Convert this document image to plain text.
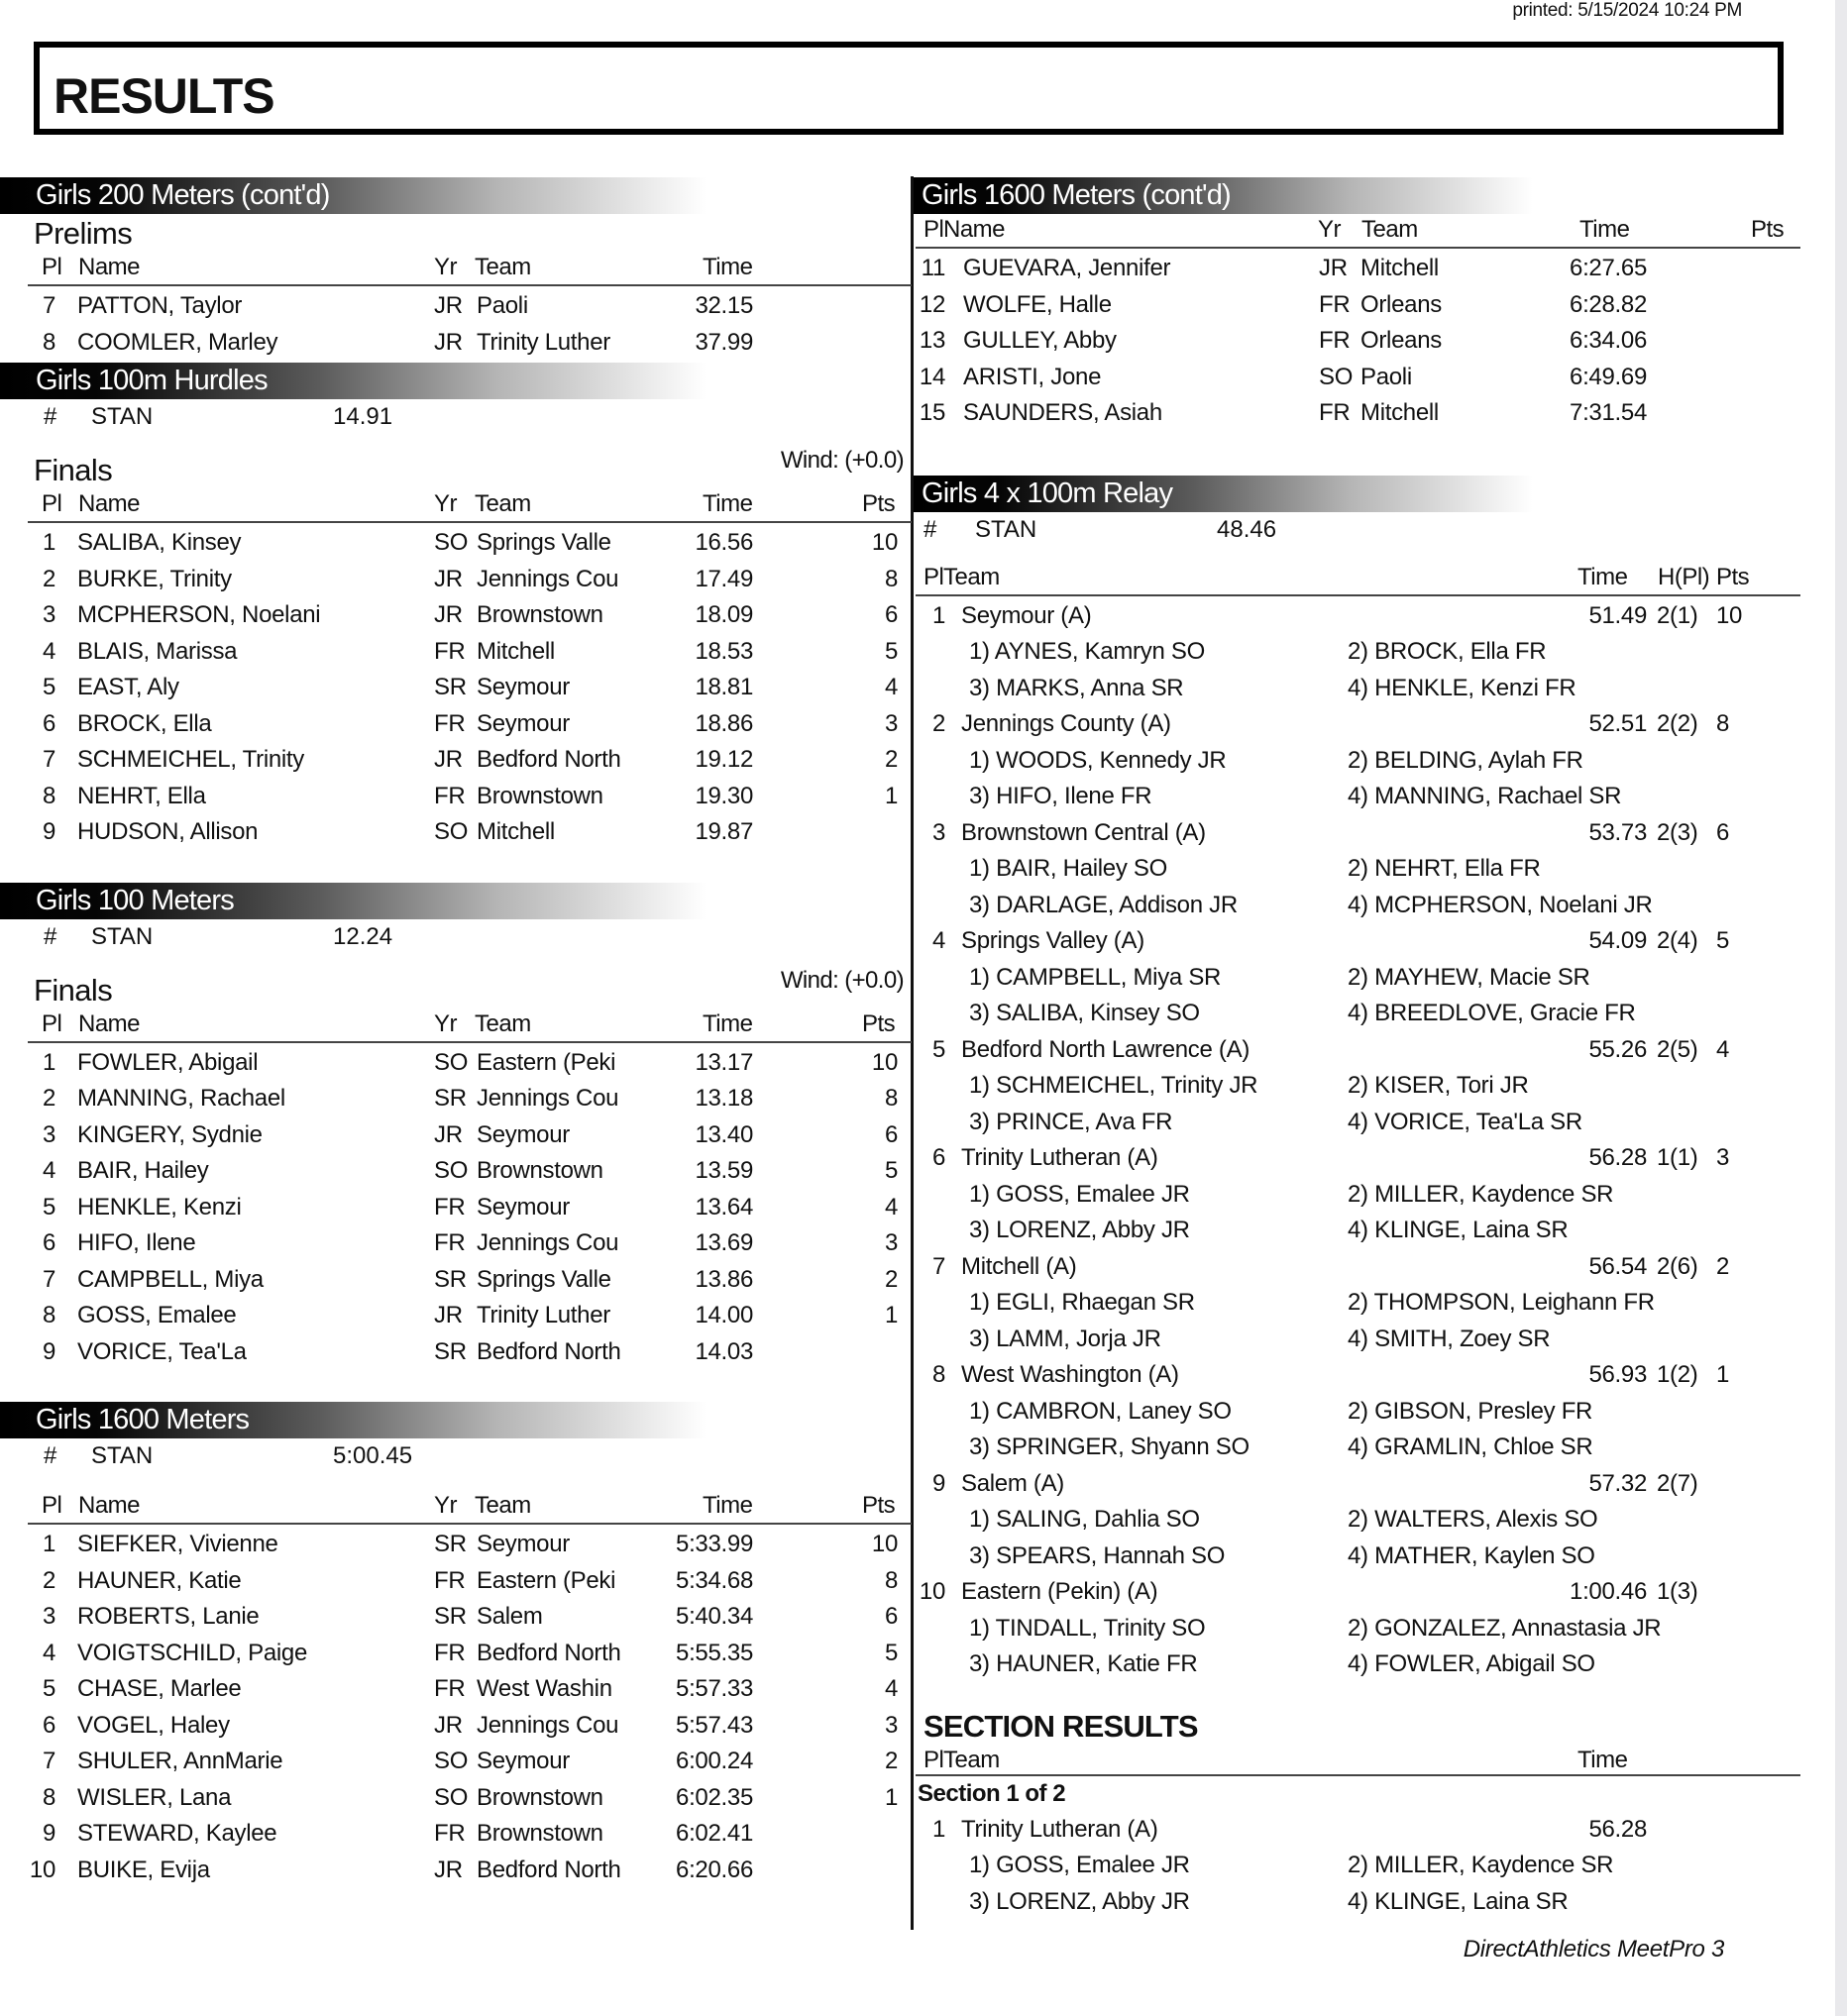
printed: 5/15/2024 10:24 PM
RESULTS
Girls 200 Meters (cont'd)
Prelims
Pl Name	Yr Team	Time
7 PATTON, Taylor	JR Paoli	32.15
8 COOMLER, Marley	JR Trinity Luther	37.99
Girls 100m Hurdles
# STAN	14.91
Finals	Wind: (+0.0)
Pl Name	Yr Team	Time	Pts
1 SALIBA, Kinsey	SO Springs Valle	16.56	10
2 BURKE, Trinity	JR Jennings Cou	17.49	8
3 MCPHERSON, Noelani	JR Brownstown	18.09	6
4 BLAIS, Marissa	FR Mitchell	18.53	5
5 EAST, Aly	SR Seymour	18.81	4
6 BROCK, Ella	FR Seymour	18.86	3
7 SCHMEICHEL, Trinity	JR Bedford North	19.12	2
8 NEHRT, Ella	FR Brownstown	19.30	1
9 HUDSON, Allison	SO Mitchell	19.87
Girls 100 Meters
# STAN	12.24
Finals	Wind: (+0.0)
Pl Name	Yr Team	Time	Pts
1 FOWLER, Abigail	SO Eastern (Peki	13.17	10
2 MANNING, Rachael	SR Jennings Cou	13.18	8
3 KINGERY, Sydnie	JR Seymour	13.40	6
4 BAIR, Hailey	SO Brownstown	13.59	5
5 HENKLE, Kenzi	FR Seymour	13.64	4
6 HIFO, Ilene	FR Jennings Cou	13.69	3
7 CAMPBELL, Miya	SR Springs Valle	13.86	2
8 GOSS, Emalee	JR Trinity Luther	14.00	1
9 VORICE, Tea'La	SR Bedford North	14.03
Girls 1600 Meters
# STAN	5:00.45
Pl Name	Yr Team	Time	Pts
1 SIEFKER, Vivienne	SR Seymour	5:33.99	10
2 HAUNER, Katie	FR Eastern (Peki	5:34.68	8
3 ROBERTS, Lanie	SR Salem	5:40.34	6
4 VOIGTSCHILD, Paige	FR Bedford North 5:55.35	5
5 CHASE, Marlee	FR West Washin	5:57.33	4
6 VOGEL, Haley	JR Jennings Cou 5:57.43	3
7 SHULER, AnnMarie	SO Seymour	6:00.24	2
8 WISLER, Lana	SO Brownstown	6:02.35	1
9 STEWARD, Kaylee	FR Brownstown	6:02.41
10 BUIKE, Evija	JR Bedford North 6:20.66
Girls 1600 Meters (cont'd)
Pl Name	Yr Team	Time	Pts
11 GUEVARA, Jennifer	JR Mitchell	6:27.65
12 WOLFE, Halle	FR Orleans	6:28.82
13 GULLEY, Abby	FR Orleans	6:34.06
14 ARISTI, Jone	SO Paoli	6:49.69
15 SAUNDERS, Asiah	FR Mitchell	7:31.54
Girls 4 x 100m Relay
# STAN	48.46
Pl Team	Time H(Pl) Pts
1 Seymour (A)	51.49 2(1) 10
1) AYNES, Kamryn SO	2) BROCK, Ella FR
3) MARKS, Anna SR	4) HENKLE, Kenzi FR
2 Jennings County (A)	52.51 2(2) 8
1) WOODS, Kennedy JR	2) BELDING, Aylah FR
3) HIFO, Ilene FR	4) MANNING, Rachael SR
3 Brownstown Central (A)	53.73 2(3) 6
1) BAIR, Hailey SO	2) NEHRT, Ella FR
3) DARLAGE, Addison JR	4) MCPHERSON, Noelani JR
4 Springs Valley (A)	54.09 2(4) 5
1) CAMPBELL, Miya SR	2) MAYHEW, Macie SR
3) SALIBA, Kinsey SO	4) BREEDLOVE, Gracie FR
5 Bedford North Lawrence (A)	55.26 2(5) 4
1) SCHMEICHEL, Trinity JR	2) KISER, Tori JR
3) PRINCE, Ava FR	4) VORICE, Tea'La SR
6 Trinity Lutheran (A)	56.28 1(1) 3
1) GOSS, Emalee JR	2) MILLER, Kaydence SR
3) LORENZ, Abby JR	4) KLINGE, Laina SR
7 Mitchell (A)	56.54 2(6) 2
1) EGLI, Rhaegan SR	2) THOMPSON, Leighann FR
3) LAMM, Jorja JR	4) SMITH, Zoey SR
8 West Washington (A)	56.93 1(2) 1
1) CAMBRON, Laney SO	2) GIBSON, Presley FR
3) SPRINGER, Shyann SO	4) GRAMLIN, Chloe SR
9 Salem (A)	57.32 2(7)
1) SALING, Dahlia SO	2) WALTERS, Alexis SO
3) SPEARS, Hannah SO	4) MATHER, Kaylen SO
10 Eastern (Pekin) (A)	1:00.46 1(3)
1) TINDALL, Trinity SO	2) GONZALEZ, Annastasia JR
3) HAUNER, Katie FR	4) FOWLER, Abigail SO
SECTION RESULTS
Pl Team	Time
Section 1 of 2
1 Trinity Lutheran (A)	56.28
1) GOSS, Emalee JR	2) MILLER, Kaydence SR
3) LORENZ, Abby JR	4) KLINGE, Laina SR
DirectAthletics MeetPro 3
